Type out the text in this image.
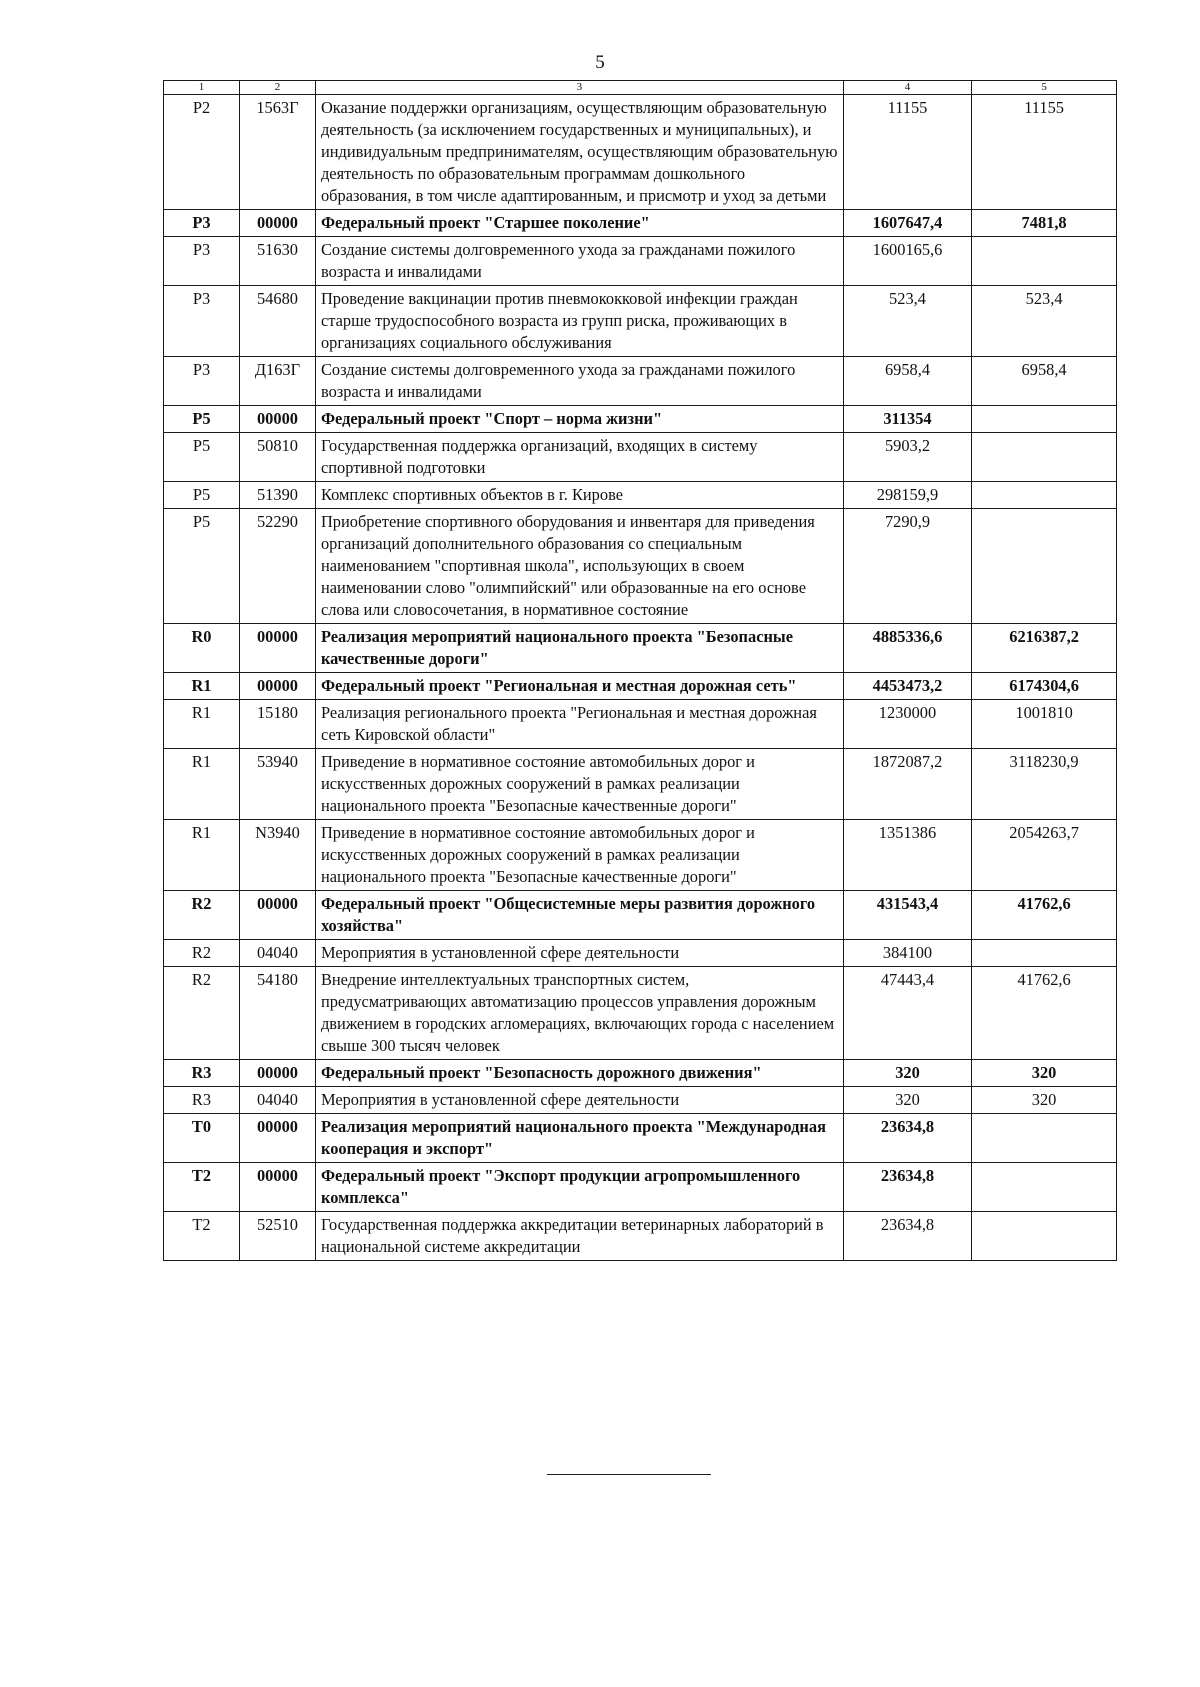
5
1	2	3	4	5
P2	1563Г	Оказание поддержки организациям, осуществляющим образовательную деятельность (за исключением государственных и муниципальных), и индивидуальным предпринимателям, осуществляющим образовательную деятельность по образовательным программам дошкольного образования, в том числе адаптированным, и присмотр и уход за детьми	11155	11155
P3	00000	Федеральный проект "Старшее поколение"	1607647,4	7481,8
P3	51630	Создание системы долговременного ухода за гражданами пожилого возраста и инвалидами	1600165,6	
P3	54680	Проведение вакцинации против пневмококковой инфекции граждан старше трудоспособного возраста из групп риска, проживающих в организациях социального обслуживания	523,4	523,4
P3	Д163Г	Создание системы долговременного ухода за гражданами пожилого возраста и инвалидами	6958,4	6958,4
P5	00000	Федеральный проект "Спорт – норма жизни"	311354	
P5	50810	Государственная поддержка организаций, входящих в систему спортивной подготовки	5903,2	
P5	51390	Комплекс спортивных объектов в г. Кирове	298159,9	
P5	52290	Приобретение спортивного оборудования и инвентаря для приведения организаций дополнительного образования со специальным наименованием "спортивная школа", использующих в своем наименовании слово "олимпийский" или образованные на его основе слова или словосочетания, в нормативное состояние	7290,9	
R0	00000	Реализация мероприятий национального проекта "Безопасные качественные дороги"	4885336,6	6216387,2
R1	00000	Федеральный проект "Региональная и местная дорожная сеть"	4453473,2	6174304,6
R1	15180	Реализация регионального проекта "Региональная и местная дорожная сеть Кировской области"	1230000	1001810
R1	53940	Приведение в нормативное состояние автомобильных дорог и искусственных дорожных сооружений в рамках реализации национального проекта "Безопасные качественные дороги"	1872087,2	3118230,9
R1	N3940	Приведение в нормативное состояние автомобильных дорог и искусственных дорожных сооружений в рамках реализации национального проекта "Безопасные качественные дороги"	1351386	2054263,7
R2	00000	Федеральный проект "Общесистемные меры развития дорожного хозяйства"	431543,4	41762,6
R2	04040	Мероприятия в установленной сфере деятельности	384100	
R2	54180	Внедрение интеллектуальных транспортных систем, предусматривающих автоматизацию процессов управления дорожным движением в городских агломерациях, включающих города с населением свыше 300 тысяч человек	47443,4	41762,6
R3	00000	Федеральный проект "Безопасность дорожного движения"	320	320
R3	04040	Мероприятия в установленной сфере деятельности	320	320
T0	00000	Реализация мероприятий национального проекта "Международная кооперация и экспорт"	23634,8	
T2	00000	Федеральный проект "Экспорт продукции агропромышленного комплекса"	23634,8	
T2	52510	Государственная поддержка аккредитации ветеринарных лабораторий в национальной системе аккредитации	23634,8	
